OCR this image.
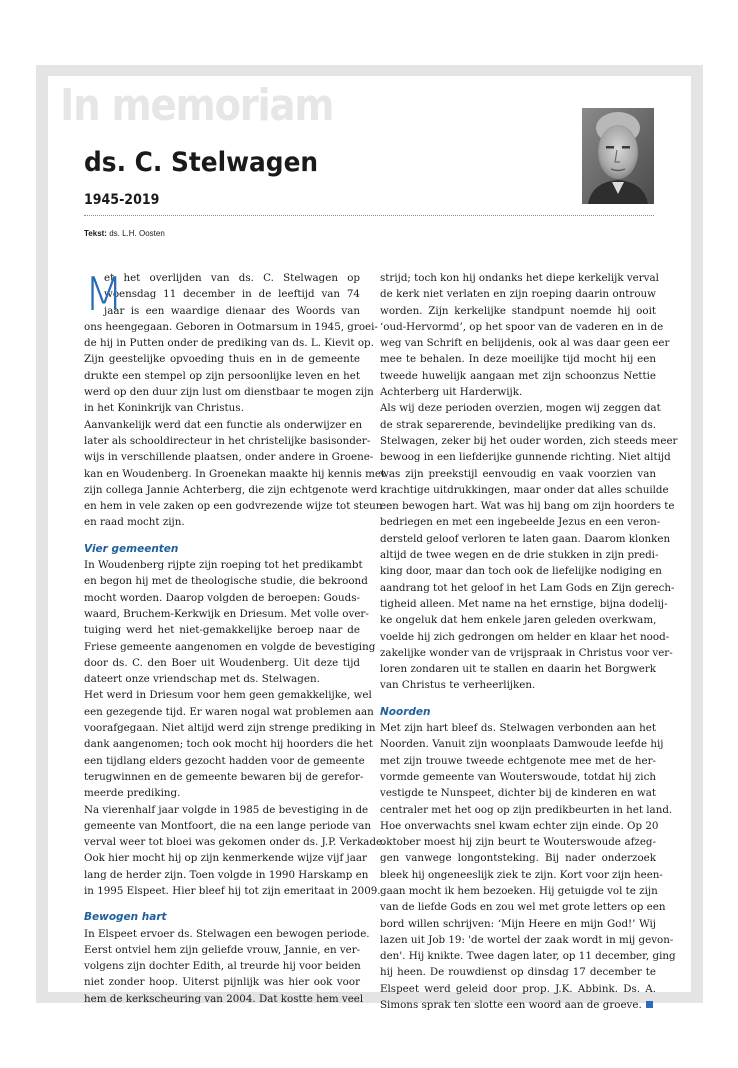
In memoriam
ds. C. Stelwagen
1945-2019
Tekst: ds. L.H. Oosten
M
et het overlijden van ds. C. Stelwagen op
woensdag 11 december in de leeftijd van 74
jaar is een waardige dienaar des Woords van
ons heengegaan. Geboren in Ootmarsum in 1945, groei-
de hij in Putten onder de prediking van ds. L. Kievit op.
Zijn geestelijke opvoeding thuis en in de gemeente
drukte een stempel op zijn persoonlijke leven en het
werd op den duur zijn lust om dienstbaar te mogen zijn
in het Koninkrijk van Christus.
Aanvankelijk werd dat een functie als onderwijzer en
later als schooldirecteur in het christelijke basisonder-
wijs in verschillende plaatsen, onder andere in Groene-
kan en Woudenberg. In Groenekan maakte hij kennis met
zijn collega Jannie Achterberg, die zijn echtgenote werd
en hem in vele zaken op een godvrezende wijze tot steun
en raad mocht zijn.
Vier gemeenten
In Woudenberg rijpte zijn roeping tot het predikambt
en begon hij met de theologische studie, die bekroond
mocht worden. Daarop volgden de beroepen: Gouds-
waard, Bruchem-Kerkwijk en Driesum. Met volle over-
tuiging werd het niet-gemakkelijke beroep naar de
Friese gemeente aangenomen en volgde de bevestiging
door ds. C. den Boer uit Woudenberg. Uit deze tijd
dateert onze vriendschap met ds. Stelwagen.
Het werd in Driesum voor hem geen gemakkelijke, wel
een gezegende tijd. Er waren nogal wat problemen aan
voorafgegaan. Niet altijd werd zijn strenge prediking in
dank aangenomen; toch ook mocht hij hoorders die het
een tijdlang elders gezocht hadden voor de gemeente
terugwinnen en de gemeente bewaren bij de gerefor-
meerde prediking.
Na vierenhalf jaar volgde in 1985 de bevestiging in de
gemeente van Montfoort, die na een lange periode van
verval weer tot bloei was gekomen onder ds. J.P. Verkade.
Ook hier mocht hij op zijn kenmerkende wijze vijf jaar
lang de herder zijn. Toen volgde in 1990 Harskamp en
in 1995 Elspeet. Hier bleef hij tot zijn emeritaat in 2009.
Bewogen hart
In Elspeet ervoer ds. Stelwagen een bewogen periode.
Eerst ontviel hem zijn geliefde vrouw, Jannie, en ver-
volgens zijn dochter Edith, al treurde hij voor beiden
niet zonder hoop. Uiterst pijnlijk was hier ook voor
hem de kerkscheuring van 2004. Dat kostte hem veel
strijd; toch kon hij ondanks het diepe kerkelijk verval
de kerk niet verlaten en zijn roeping daarin ontrouw
worden. Zijn kerkelijke standpunt noemde hij ooit
‘oud-Hervormd’, op het spoor van de vaderen en in de
weg van Schrift en belijdenis, ook al was daar geen eer
mee te behalen. In deze moeilijke tijd mocht hij een
tweede huwelijk aangaan met zijn schoonzus Nettie
Achterberg uit Harderwijk.
Als wij deze perioden overzien, mogen wij zeggen dat
de strak separerende, bevindelijke prediking van ds.
Stelwagen, zeker bij het ouder worden, zich steeds meer
bewoog in een liefderijke gunnende richting. Niet altijd
was zijn preekstijl eenvoudig en vaak voorzien van
krachtige uitdrukkingen, maar onder dat alles schuilde
een bewogen hart. Wat was hij bang om zijn hoorders te
bedriegen en met een ingebeelde Jezus en een veron-
dersteld geloof verloren te laten gaan. Daarom klonken
altijd de twee wegen en de drie stukken in zijn predi-
king door, maar dan toch ook de liefelijke nodiging en
aandrang tot het geloof in het Lam Gods en Zijn gerech-
tigheid alleen. Met name na het ernstige, bijna dodelij-
ke ongeluk dat hem enkele jaren geleden overkwam,
voelde hij zich gedrongen om helder en klaar het nood-
zakelijke wonder van de vrijspraak in Christus voor ver-
loren zondaren uit te stallen en daarin het Borgwerk
van Christus te verheerlijken.
Noorden
Met zijn hart bleef ds. Stelwagen verbonden aan het
Noorden. Vanuit zijn woonplaats Damwoude leefde hij
met zijn trouwe tweede echtgenote mee met de her-
vormde gemeente van Wouterswoude, totdat hij zich
vestigde te Nunspeet, dichter bij de kinderen en wat
centraler met het oog op zijn predikbeurten in het land.
Hoe onverwachts snel kwam echter zijn einde. Op 20
oktober moest hij zijn beurt te Wouterswoude afzeg-
gen vanwege longontsteking. Bij nader onderzoek
bleek hij ongeneeslijk ziek te zijn. Kort voor zijn heen-
gaan mocht ik hem bezoeken. Hij getuigde vol te zijn
van de liefde Gods en zou wel met grote letters op een
bord willen schrijven: ‘Mijn Heere en mijn God!’ Wij
lazen uit Job 19: 'de wortel der zaak wordt in mij gevon-
den'. Hij knikte. Twee dagen later, op 11 december, ging
hij heen. De rouwdienst op dinsdag 17 december te
Elspeet werd geleid door prop. J.K. Abbink. Ds. A.
Simons sprak ten slotte een woord aan de groeve.
